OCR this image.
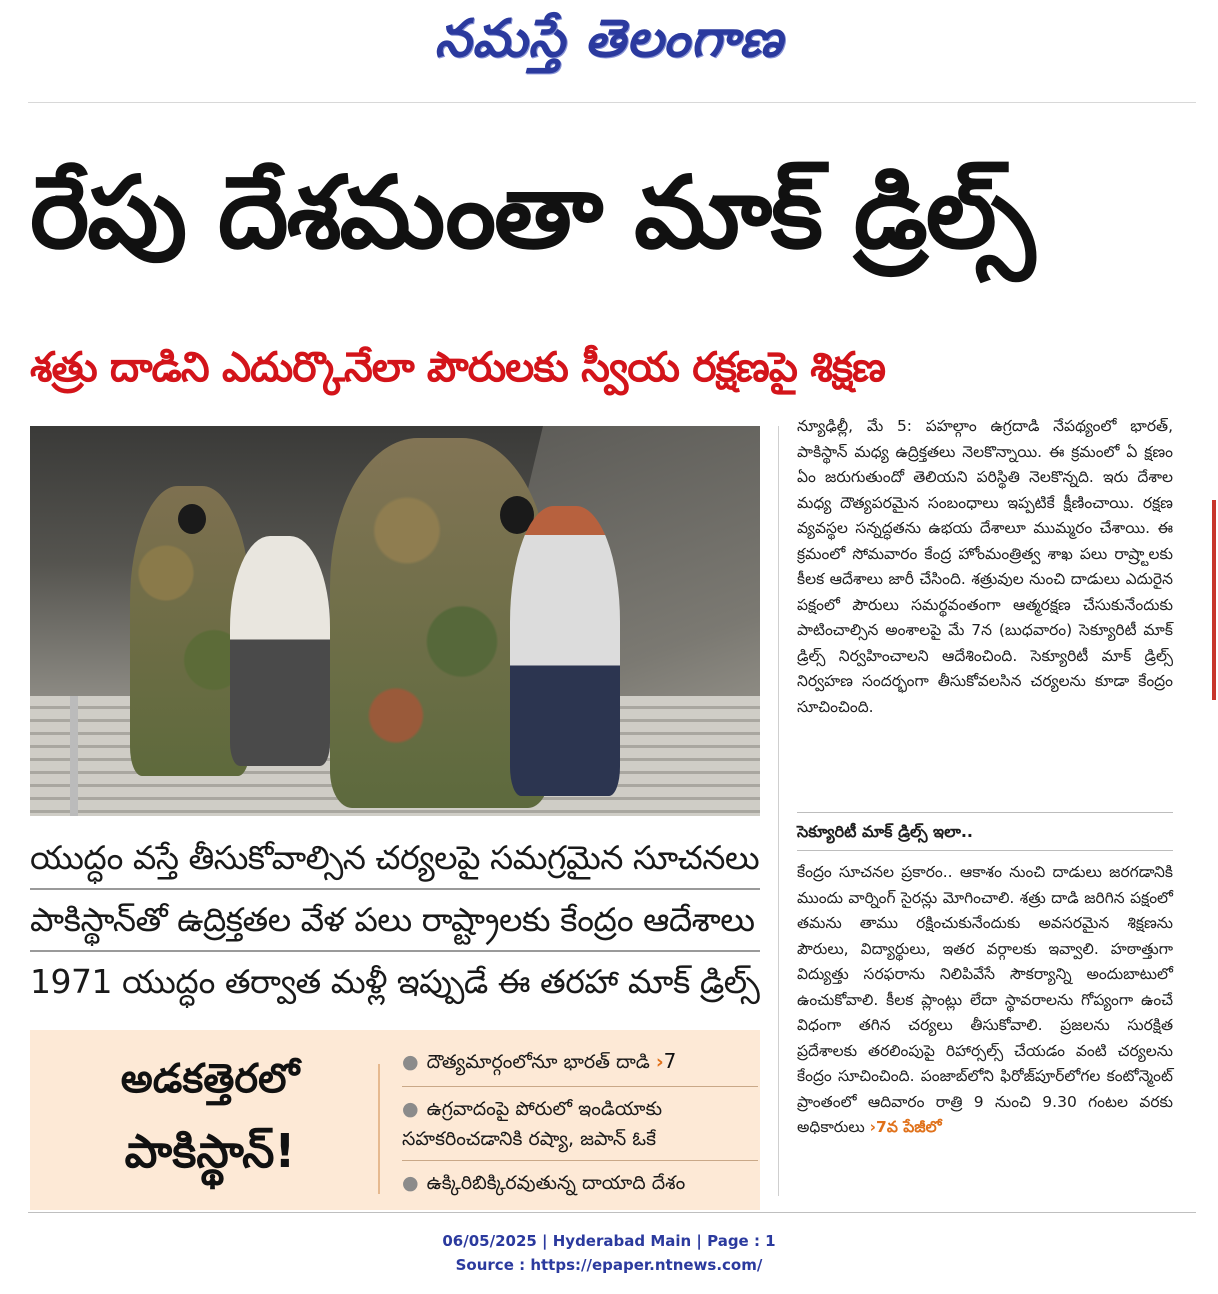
నమస్తే తెలంగాణ
రేపు దేశమంతా మాక్ డ్రిల్స్
శత్రు దాడిని ఎదుర్కొనేలా పౌరులకు స్వీయ రక్షణపై శిక్షణ
యుద్ధం వస్తే తీసుకోవాల్సిన చర్యలపై సమగ్రమైన సూచనలు
పాకిస్థాన్‌తో ఉద్రిక్తతల వేళ పలు రాష్ట్రాలకు కేంద్రం ఆదేశాలు
1971 యుద్ధం తర్వాత మళ్లీ ఇప్పుడే ఈ తరహా మాక్ డ్రిల్స్
అడకత్తెరలో
పాకిస్థాన్!
● దౌత్యమార్గంలోనూ భారత్ దాడి ›7
● ఉగ్రవాదంపై పోరులో ఇండియాకు సహకరించడానికి రష్యా, జపాన్ ఓకే
● ఉక్కిరిబిక్కిరవుతున్న దాయాది దేశం
న్యూఢిల్లీ, మే 5: పహల్గాం ఉగ్రదాడి నేపథ్యంలో భారత్, పాకిస్థాన్ మధ్య ఉద్రిక్తతలు నెలకొన్నాయి. ఈ క్రమంలో ఏ క్షణం ఏం జరుగుతుందో తెలియని పరిస్థితి నెలకొన్నది. ఇరు దేశాల మధ్య దౌత్యపరమైన సంబంధాలు ఇప్పటికే క్షీణించాయి. రక్షణ వ్యవస్థల సన్నద్ధతను ఉభయ దేశాలూ ముమ్మరం చేశాయి. ఈ క్రమంలో సోమవారం కేంద్ర హోంమంత్రిత్వ శాఖ పలు రాష్ర్టాలకు కీలక ఆదేశాలు జారీ చేసింది. శత్రువుల నుంచి దాడులు ఎదురైన పక్షంలో పౌరులు సమర్థవంతంగా ఆత్మరక్షణ చేసుకునేందుకు పాటించాల్సిన అంశాలపై మే 7న (బుధవారం) సెక్యూరిటీ మాక్ డ్రిల్స్ నిర్వహించాలని ఆదేశించింది. సెక్యూరిటీ మాక్ డ్రిల్స్ నిర్వహణ సందర్భంగా తీసుకోవలసిన చర్యలను కూడా కేంద్రం సూచించింది.
సెక్యూరిటీ మాక్ డ్రిల్స్ ఇలా..
కేంద్రం సూచనల ప్రకారం.. ఆకాశం నుంచి దాడులు జరగడానికి ముందు వార్నింగ్ సైరన్లు మోగించాలి. శత్రు దాడి జరిగిన పక్షంలో తమను తాము రక్షించుకునేందుకు అవసరమైన శిక్షణను పౌరులు, విద్యార్థులు, ఇతర వర్గాలకు ఇవ్వాలి. హఠాత్తుగా విద్యుత్తు సరఫరాను నిలిపివేసే సౌకర్యాన్ని అందుబాటులో ఉంచుకోవాలి. కీలక ప్లాంట్లు లేదా స్థావరాలను గోప్యంగా ఉంచే విధంగా తగిన చర్యలు తీసుకోవాలి. ప్రజలను సురక్షిత ప్రదేశాలకు తరలింపుపై రిహార్సల్స్ చేయడం వంటి చర్యలను కేంద్రం సూచించింది. పంజాబ్‌లోని ఫిరోజ్‌పూర్‌లోగల కంటోన్మెంట్ ప్రాంతంలో ఆదివారం రాత్రి 9 నుంచి 9.30 గంటల వరకు అధికారులు ›7వ పేజీలో
06/05/2025 | Hyderabad Main | Page : 1
Source : https://epaper.ntnews.com/
